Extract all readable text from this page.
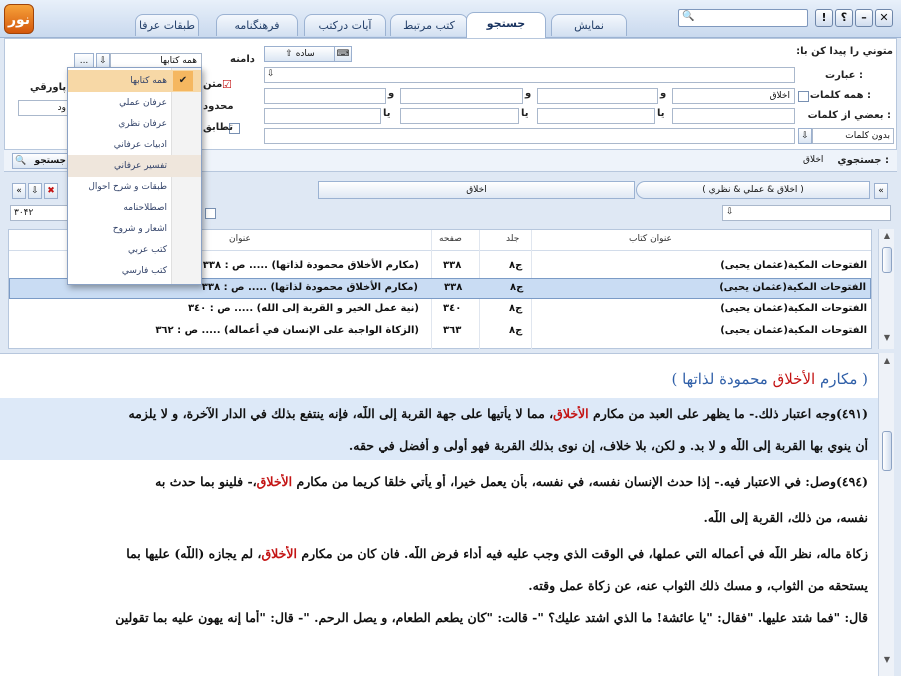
نور	طبقات عرفا	فرهنگنامه	آيات دركتب	كتب مرتبط	جستجو	نمايش
🔍	!	؟	–	✕
متوني را پيدا كن با:
عبارت :
همه كلمات :
بعضي از كلمات :
⇧ ساده	⌨
⇩
اخلاق
و
و
و
يا
يا
يا
⇩	بدون كلمات
دامنه
همه كتابها
⇩
...
☑
متن
محدود
تطابق
پاورقي
ود
جستجوي :
اخلاق
🔍 جستجو
«	⇩ ✖	اخلاق	( اخلاق & عملي & نظري )	«
۳۰۴۲	⇩
عنوان كتاب
جلد
صفحه
عنوان
الفتوحات المكية(عثمان يحيى)
ج۸
۳۳۸
(مكارم الأخلاق محمودة لذاتها) ..... ص : ۳۳۸
الفتوحات المكية(عثمان يحيى)
ج۸
۳۳۸
(مكارم الأخلاق محمودة لذاتها) ..... ص : ۳۳۸
الفتوحات المكية(عثمان يحيى)
ج۸
۳٤۰
(نية عمل الخير و القربة إلى الله) ..... ص : ۳٤۰
الفتوحات المكية(عثمان يحيى)
ج۸
۳٦۳
(الزكاة الواجبة على الإنسان في أعماله) ..... ص : ۳٦۲
▲
▼
( مكارم الأخلاق محمودة لذاتها )
(٤٩١)وجه اعتبار ذلك.- ما يظهر على العبد من مكارم الأخلاق، مما لا يأتيها على جهة القربة إلى اللّه، فإنه ينتفع بذلك في الدار الآخرة، و لا يلزمه
أن ينوي بها القربة إلى اللّه و لا بد. و لكن، بلا خلاف، إن نوى بذلك القربة فهو أولى و أفضل في حقه.
(٤٩٤)وصل: في الاعتبار فيه.- إذا حدث الإنسان نفسه، في نفسه، بأن يعمل خيرا، أو يأتي خلقا كريما من مكارم الأخلاق،- فلينو بما حدث به
نفسه، من ذلك، القربة إلى اللّه.
زكاة ماله، نظر اللّه في أعماله التي عملها، في الوقت الذي وجب عليه فيه أداء فرض اللّه. فان كان من مكارم الأخلاق، لم يجازه (اللّه) عليها بما
يستحقه من الثواب، و مسك ذلك الثواب عنه، عن زكاة عمل وقته.
قال: "فما شتد عليها. "فقال: "يا عائشة! ما الذي اشتد عليك؟ "- قالت: "كان يطعم الطعام، و يصل الرحم. "- قال: "أما إنه يهون عليه بما تقولين
▲
▼
همه كتابها	✔
عرفان عملي
عرفان نظري
ادبيات عرفاني
تفسير عرفاني
طبقات و شرح احوال
اصطلاحنامه
اشعار و شروح
كتب عربي
كتب فارسي
